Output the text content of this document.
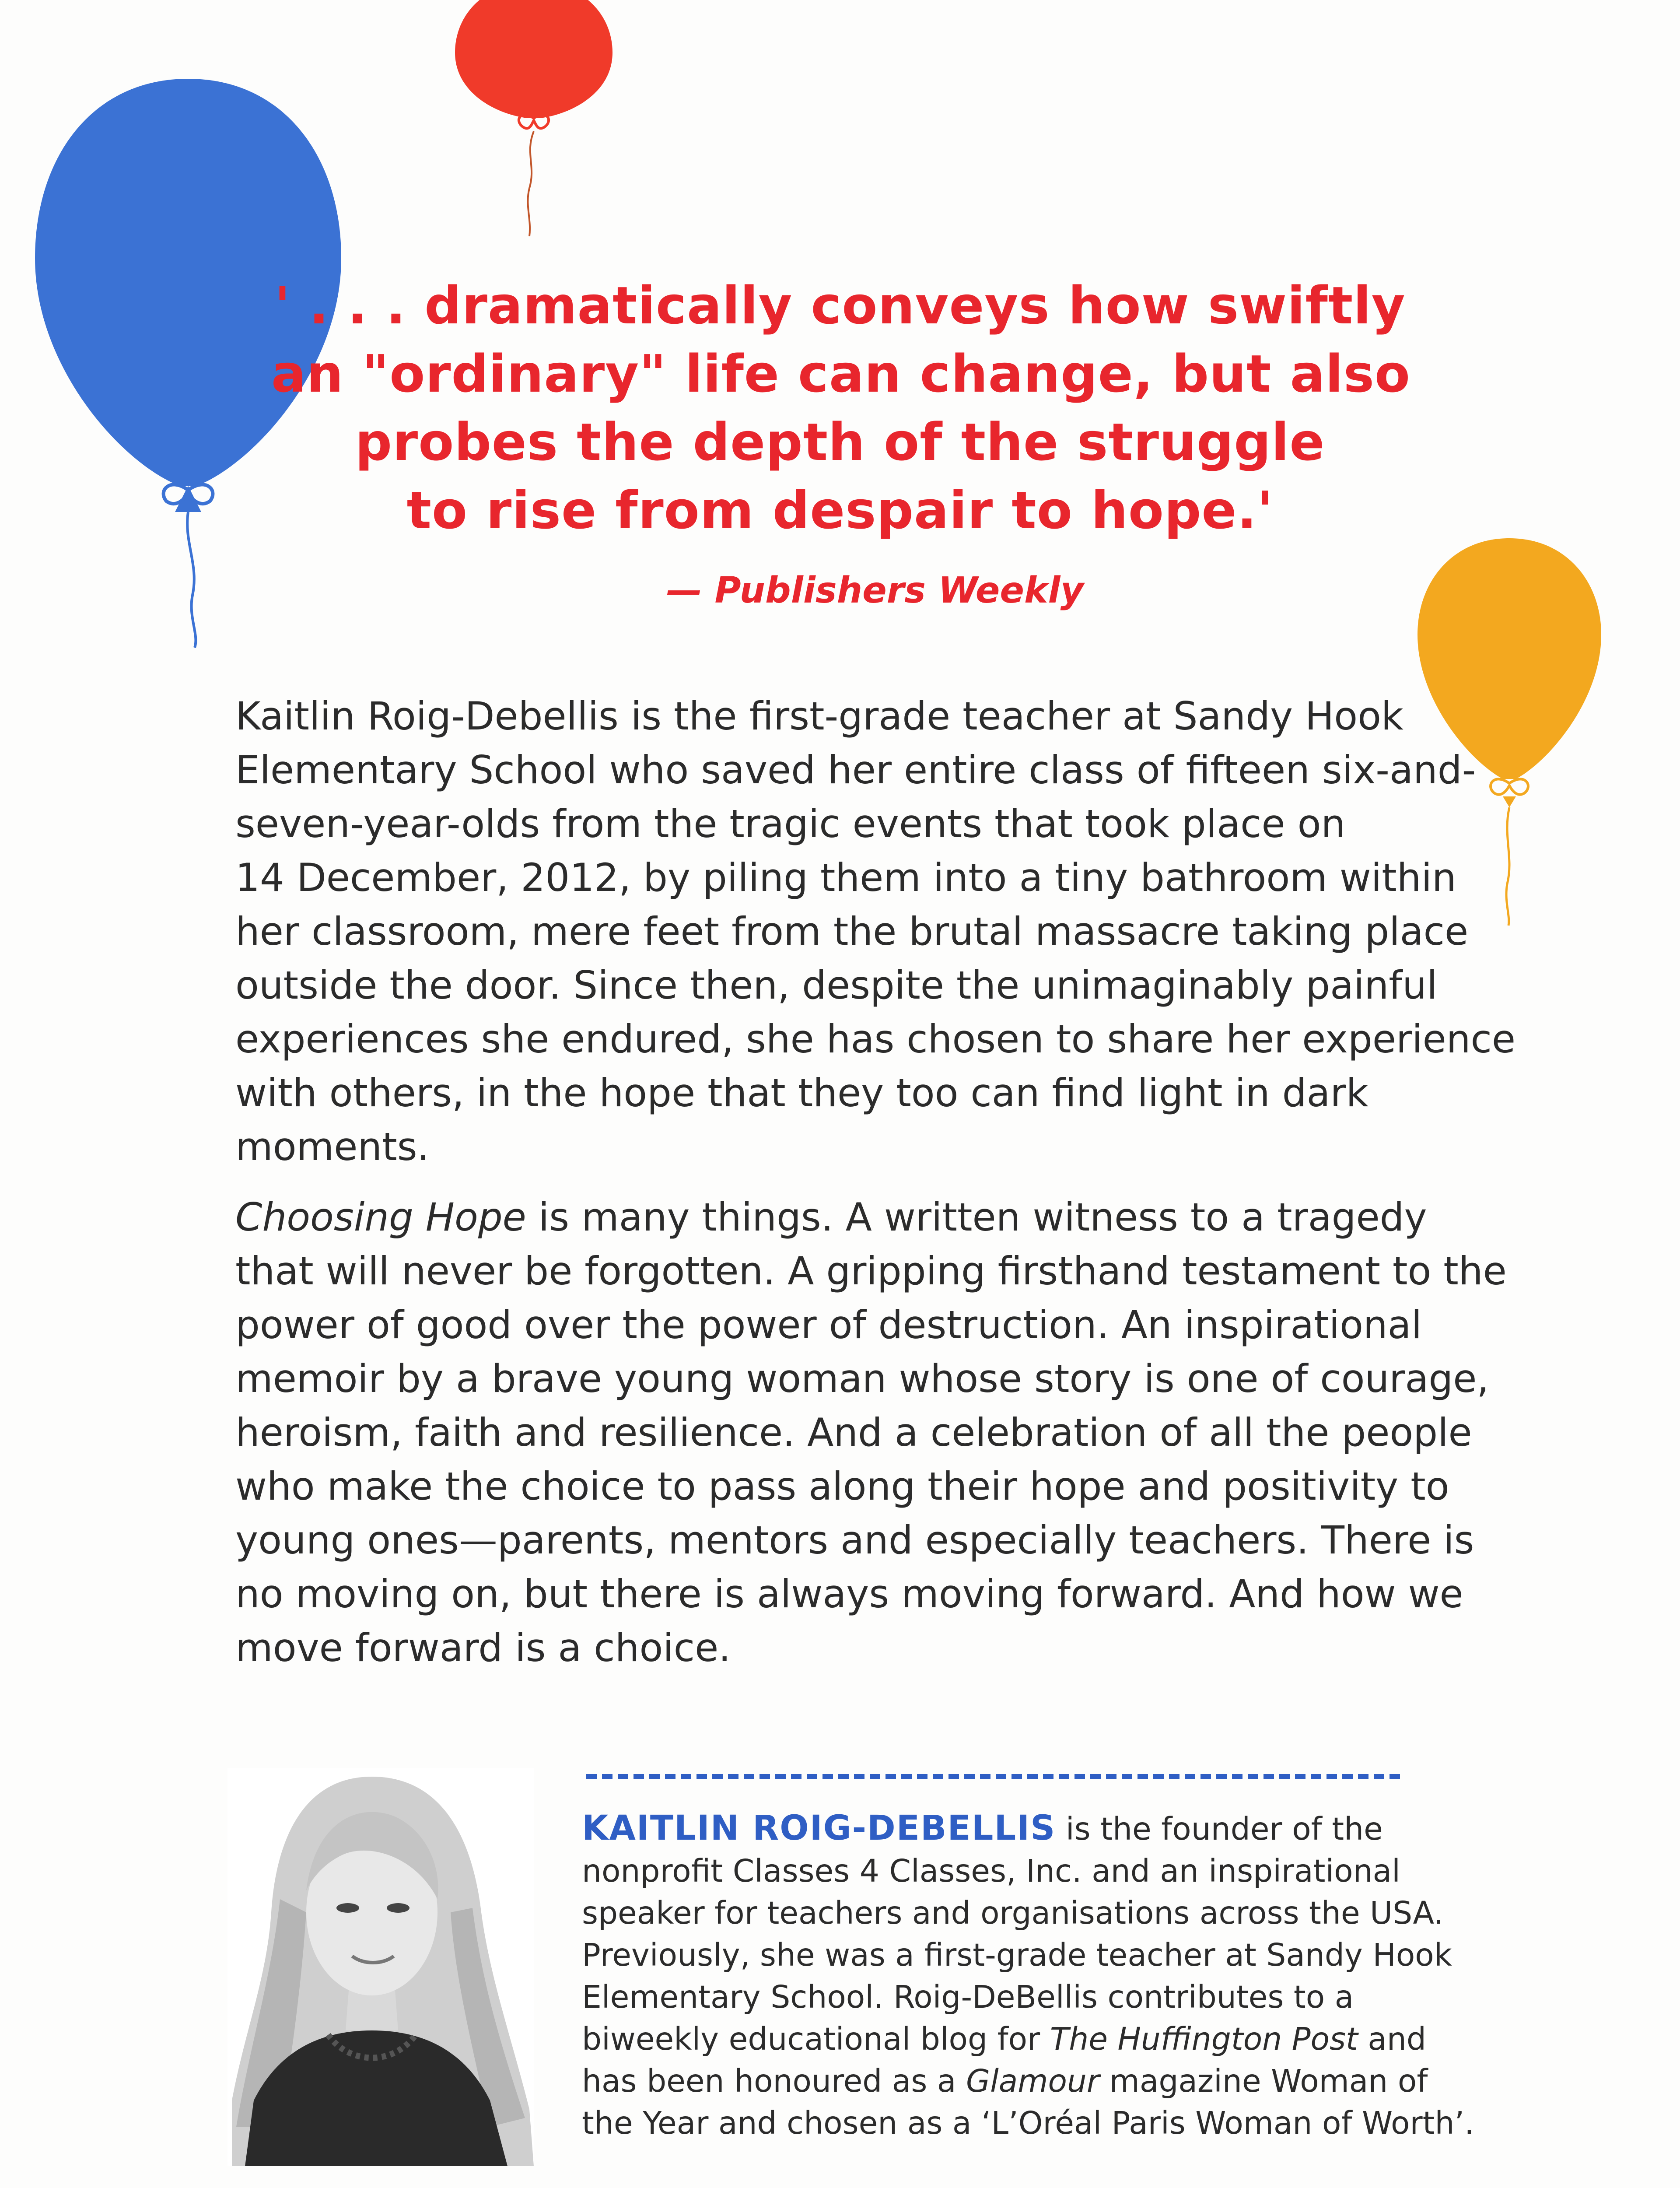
' . . . dramatically conveys how swiftly
an "ordinary" life can change, but also
probes the depth of the struggle
to rise from despair to hope.'
— Publishers Weekly
Kaitlin Roig-Debellis is the first-grade teacher at Sandy Hook
Elementary School who saved her entire class of fifteen six-and-
seven-year-olds from the tragic events that took place on
14 December, 2012, by piling them into a tiny bathroom within
her classroom, mere feet from the brutal massacre taking place
outside the door. Since then, despite the unimaginably painful
experiences she endured, she has chosen to share her experience
with others, in the hope that they too can find light in dark
moments.
Choosing Hope is many things. A written witness to a tragedy
that will never be forgotten. A gripping firsthand testament to the
power of good over the power of destruction. An inspirational
memoir by a brave young woman whose story is one of courage,
heroism, faith and resilience. And a celebration of all the people
who make the choice to pass along their hope and positivity to
young ones—parents, mentors and especially teachers. There is
no moving on, but there is always moving forward. And how we
move forward is a choice.
KAITLIN ROIG-DEBELLIS is the founder of the
nonprofit Classes 4 Classes, Inc. and an inspirational
speaker for teachers and organisations across the USA.
Previously, she was a first-grade teacher at Sandy Hook
Elementary School. Roig-DeBellis contributes to a
biweekly educational blog for The Huffington Post and
has been honoured as a Glamour magazine Woman of
the Year and chosen as a ‘L’Oréal Paris Woman of Worth’.
